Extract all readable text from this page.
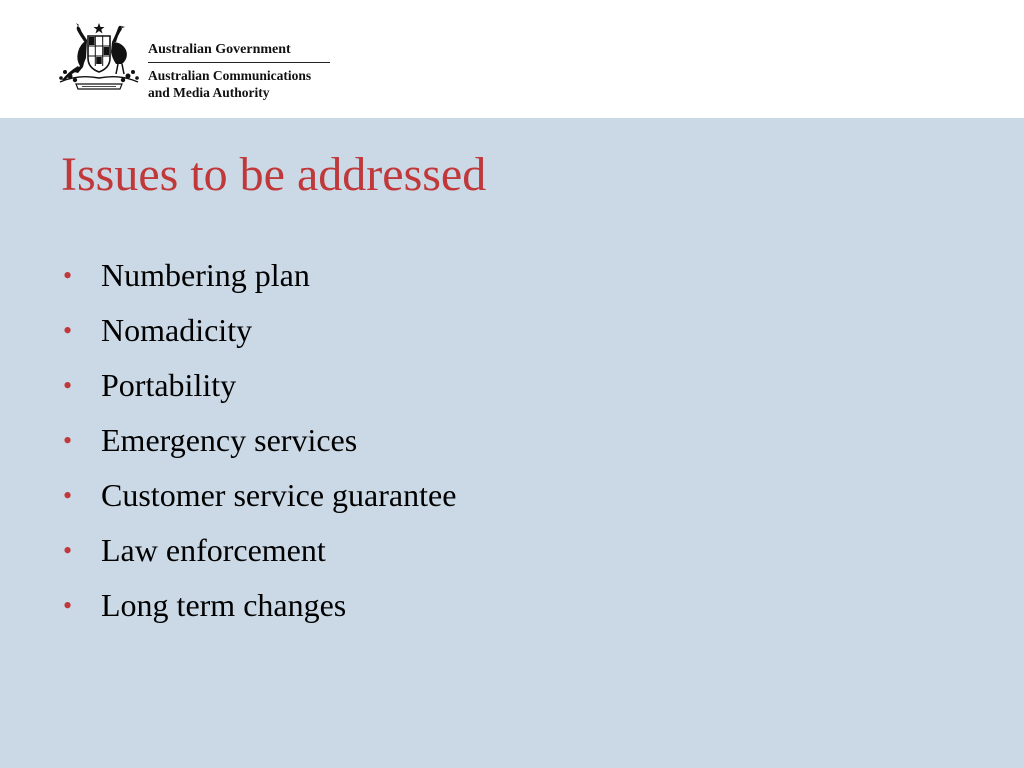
Australian Government
Australian Communications
and Media Authority
Issues to be addressed
• Numbering plan
• Nomadicity
• Portability
• Emergency services
• Customer service guarantee
• Law enforcement
• Long term changes
